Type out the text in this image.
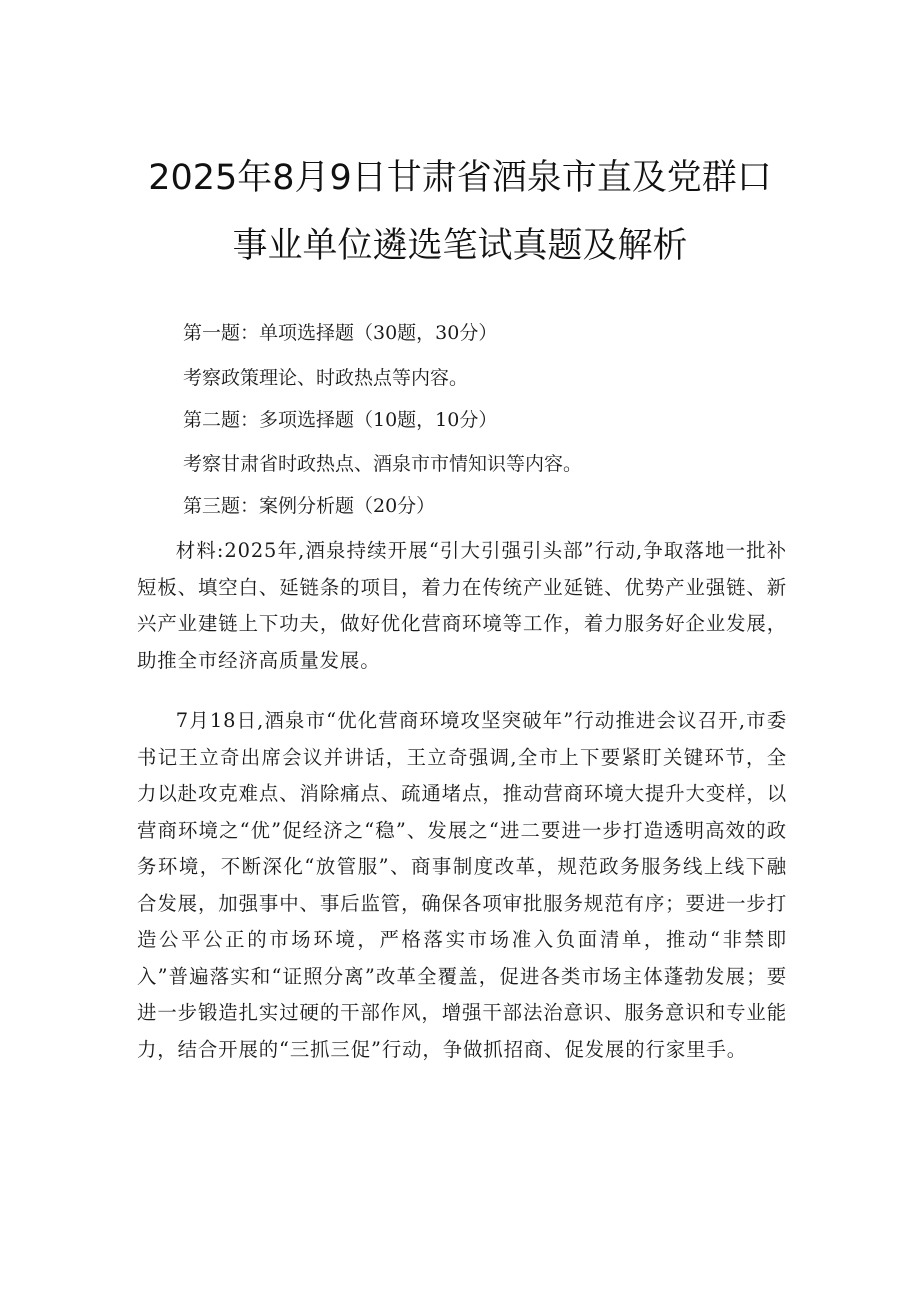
2025年8月9日甘肃省酒泉市直及党群口
事业单位遴选笔试真题及解析
第一题：单项选择题（30题，30分）
考察政策理论、时政热点等内容。
第二题：多项选择题（10题，10分）
考察甘肃省时政热点、酒泉市市情知识等内容。
第三题：案例分析题（20分）

材料:2025年,酒泉持续开展“引大引强引头部”行动,争取落地一批补短板、填空白、延链条的项目，着力在传统产业延链、优势产业强链、新兴产业建链上下功夫，做好优化营商环境等工作，着力服务好企业发展，助推全市经济高质量发展。

7月18日,酒泉市“优化营商环境攻坚突破年”行动推进会议召开,市委书记王立奇出席会议并讲话，王立奇强调,全市上下要紧盯关键环节，全力以赴攻克难点、消除痛点、疏通堵点，推动营商环境大提升大变样，以营商环境之“优”促经济之“稳”、发展之“进二要进一步打造透明高效的政务环境，不断深化“放管服”、商事制度改革，规范政务服务线上线下融合发展，加强事中、事后监管，确保各项审批服务规范有序；要进一步打造公平公正的市场环境，严格落实市场准入负面清单，推动“非禁即入”普遍落实和“证照分离”改革全覆盖，促进各类市场主体蓬勃发展；要进一步锻造扎实过硬的干部作风，增强干部法治意识、服务意识和专业能力，结合开展的“三抓三促”行动，争做抓招商、促发展的行家里手。
